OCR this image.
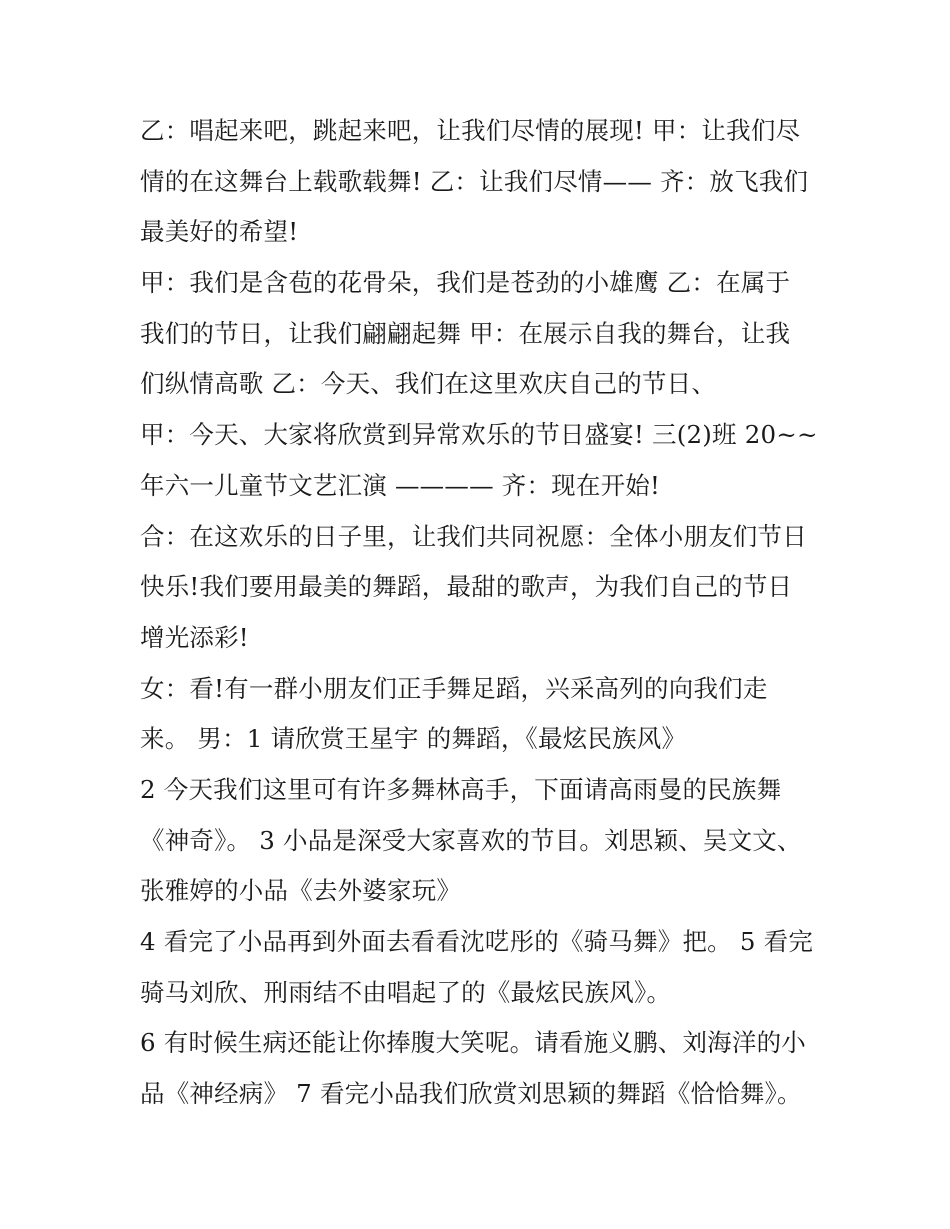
乙：唱起来吧，跳起来吧，让我们尽情的展现! 甲：让我们尽
情的在这舞台上载歌载舞! 乙：让我们尽情—— 齐：放飞我们
最美好的希望!
甲：我们是含苞的花骨朵，我们是苍劲的小雄鹰 乙：在属于
我们的节日，让我们翩翩起舞 甲：在展示自我的舞台，让我
们纵情高歌 乙：今天、我们在这里欢庆自己的节日、
甲：今天、大家将欣赏到异常欢乐的节日盛宴! 三(2)班 20~~
年六一儿童节文艺汇演 ———— 齐：现在开始!
合：在这欢乐的日子里，让我们共同祝愿：全体小朋友们节日
快乐!我们要用最美的舞蹈，最甜的歌声，为我们自己的节日
增光添彩!
女：看!有一群小朋友们正手舞足蹈，兴采高列的向我们走
来。 男：1 请欣赏王星宇 的舞蹈，《最炫民族风》
2 今天我们这里可有许多舞林高手，下面请高雨曼的民族舞
《神奇》。 3 小品是深受大家喜欢的节目。刘思颖、吴文文、
张雅婷的小品《去外婆家玩》
4 看完了小品再到外面去看看沈呓彤的《骑马舞》把。 5 看完
骑马刘欣、刑雨结不由唱起了的《最炫民族风》。
6 有时候生病还能让你捧腹大笑呢。请看施义鹏、刘海洋的小
品《神经病》 7 看完小品我们欣赏刘思颖的舞蹈《恰恰舞》。
